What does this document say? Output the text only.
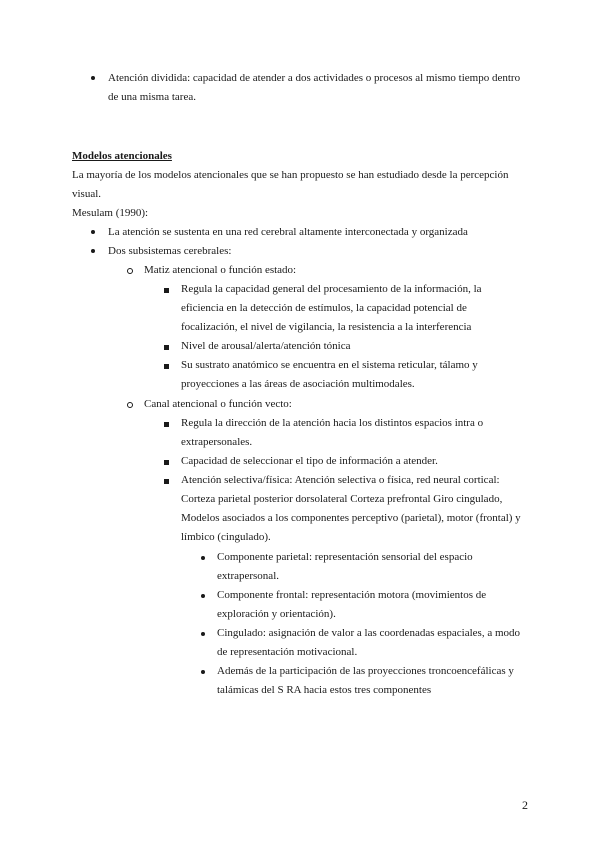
Atención dividida: capacidad de atender a dos actividades o procesos al mismo tiempo dentro
de una misma tarea.
Modelos atencionales
La mayoría de los modelos atencionales que se han propuesto se han estudiado desde la percepción
visual.
Mesulam (1990):
La atención se sustenta en una red cerebral altamente interconectada y organizada
Dos subsistemas cerebrales:
Matiz atencional o función estado:
Regula la capacidad general del procesamiento de la información, la
eficiencia en la detección de estímulos, la capacidad potencial de
focalización, el nivel de vigilancia, la resistencia a la interferencia
Nivel de arousal/alerta/atención tónica
Su sustrato anatómico se encuentra en el sistema reticular, tálamo y
proyecciones a las áreas de asociación multimodales.
Canal atencional o función vecto:
Regula la dirección de la atención hacia los distintos espacios intra o
extrapersonales.
Capacidad de seleccionar el tipo de información a atender.
Atención selectiva/física: Atención selectiva o física, red neural cortical:
Corteza parietal posterior dorsolateral Corteza prefrontal Giro cingulado,
Modelos asociados a los componentes perceptivo (parietal), motor (frontal) y
límbico (cingulado).
Componente parietal: representación sensorial del espacio
extrapersonal.
Componente frontal: representación motora (movimientos de
exploración y orientación).
Cingulado: asignación de valor a las coordenadas espaciales, a modo
de representación motivacional.
Además de la participación de las proyecciones troncoencefálicas y
talámicas del S RA hacia estos tres componentes
2
